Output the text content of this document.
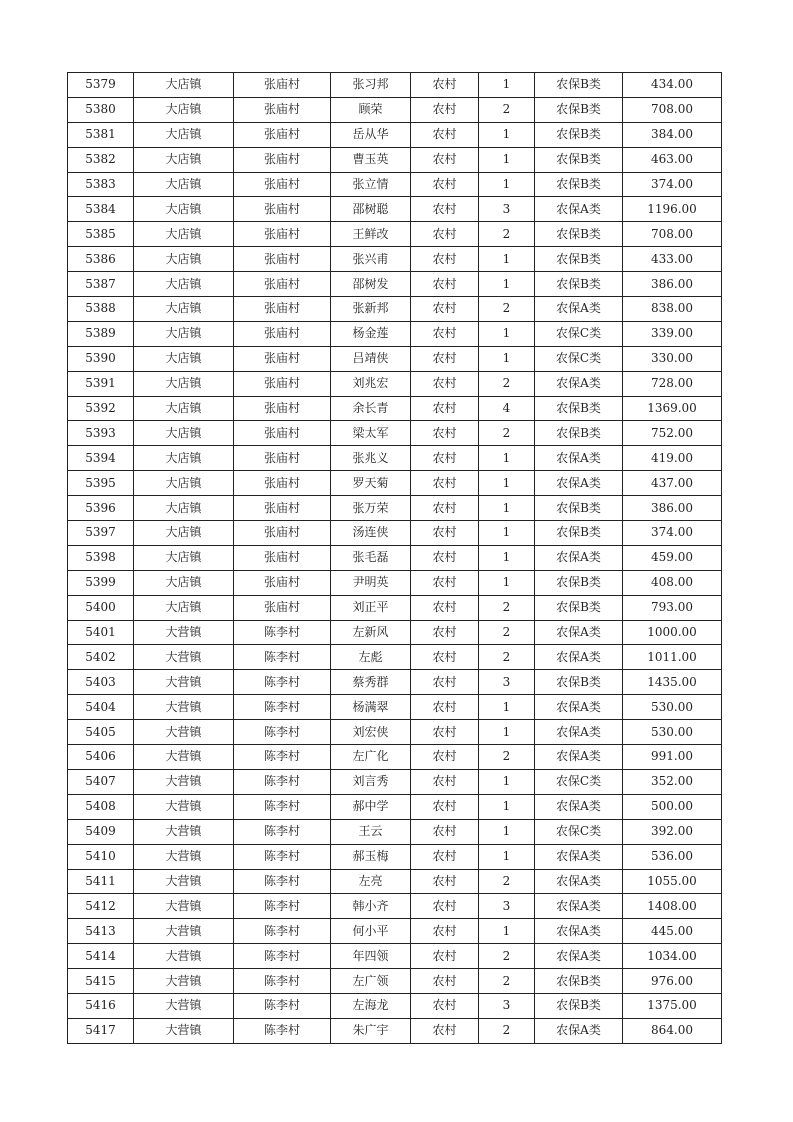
5379	大店镇	张庙村	张习邦	农村	1	农保B类	434.00
5380	大店镇	张庙村	顾荣	农村	2	农保B类	708.00
5381	大店镇	张庙村	岳从华	农村	1	农保B类	384.00
5382	大店镇	张庙村	曹玉英	农村	1	农保B类	463.00
5383	大店镇	张庙村	张立情	农村	1	农保B类	374.00
5384	大店镇	张庙村	邵树聪	农村	3	农保A类	1196.00
5385	大店镇	张庙村	王鲜改	农村	2	农保B类	708.00
5386	大店镇	张庙村	张兴甫	农村	1	农保B类	433.00
5387	大店镇	张庙村	邵树发	农村	1	农保B类	386.00
5388	大店镇	张庙村	张新邦	农村	2	农保A类	838.00
5389	大店镇	张庙村	杨金莲	农村	1	农保C类	339.00
5390	大店镇	张庙村	吕靖侠	农村	1	农保C类	330.00
5391	大店镇	张庙村	刘兆宏	农村	2	农保A类	728.00
5392	大店镇	张庙村	余长青	农村	4	农保B类	1369.00
5393	大店镇	张庙村	梁太军	农村	2	农保B类	752.00
5394	大店镇	张庙村	张兆义	农村	1	农保A类	419.00
5395	大店镇	张庙村	罗天菊	农村	1	农保A类	437.00
5396	大店镇	张庙村	张万荣	农村	1	农保B类	386.00
5397	大店镇	张庙村	汤连侠	农村	1	农保B类	374.00
5398	大店镇	张庙村	张毛磊	农村	1	农保A类	459.00
5399	大店镇	张庙村	尹明英	农村	1	农保B类	408.00
5400	大店镇	张庙村	刘正平	农村	2	农保B类	793.00
5401	大营镇	陈李村	左新风	农村	2	农保A类	1000.00
5402	大营镇	陈李村	左彪	农村	2	农保A类	1011.00
5403	大营镇	陈李村	蔡秀群	农村	3	农保B类	1435.00
5404	大营镇	陈李村	杨满翠	农村	1	农保A类	530.00
5405	大营镇	陈李村	刘宏侠	农村	1	农保A类	530.00
5406	大营镇	陈李村	左广化	农村	2	农保A类	991.00
5407	大营镇	陈李村	刘言秀	农村	1	农保C类	352.00
5408	大营镇	陈李村	郝中学	农村	1	农保A类	500.00
5409	大营镇	陈李村	王云	农村	1	农保C类	392.00
5410	大营镇	陈李村	郝玉梅	农村	1	农保A类	536.00
5411	大营镇	陈李村	左亮	农村	2	农保A类	1055.00
5412	大营镇	陈李村	韩小齐	农村	3	农保A类	1408.00
5413	大营镇	陈李村	何小平	农村	1	农保A类	445.00
5414	大营镇	陈李村	年四领	农村	2	农保A类	1034.00
5415	大营镇	陈李村	左广领	农村	2	农保B类	976.00
5416	大营镇	陈李村	左海龙	农村	3	农保B类	1375.00
5417	大营镇	陈李村	朱广宇	农村	2	农保A类	864.00
